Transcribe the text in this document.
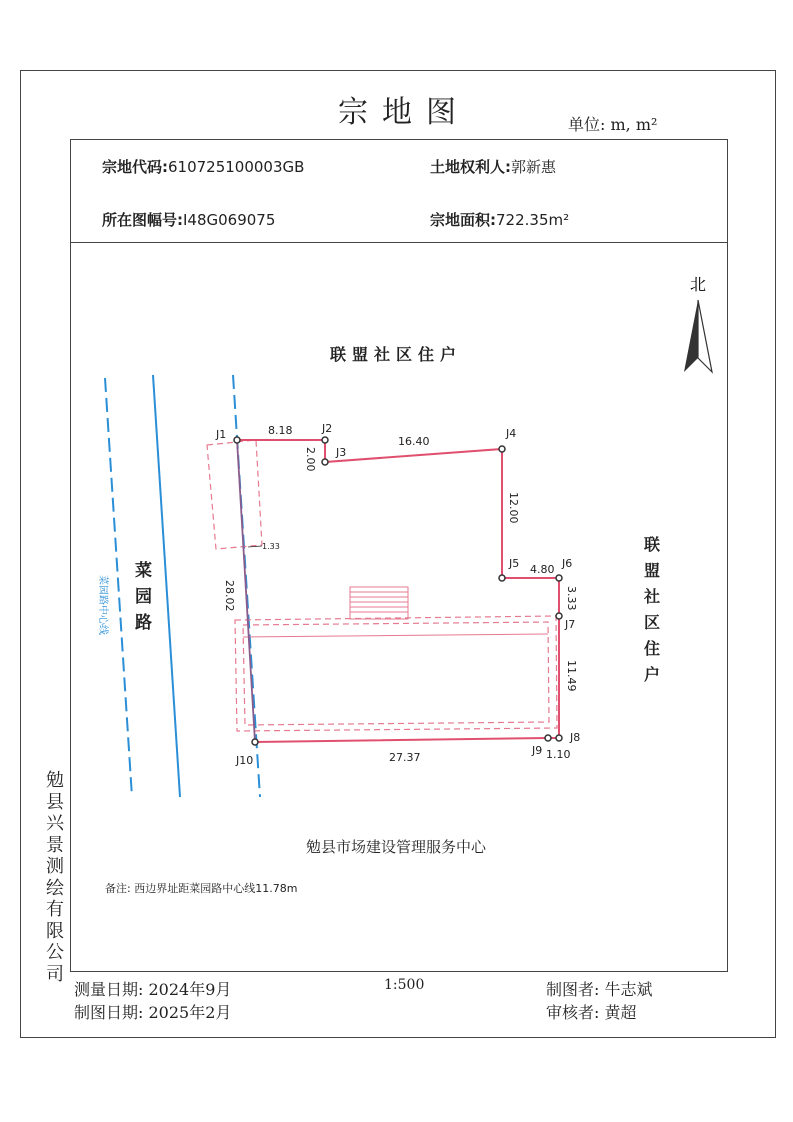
宗地图	单位: m, m²
宗地代码:610725100003GB	土地权利人:郭新惠
所在图幅号:I48G069075	宗地面积:722.35m²
北
J1	J2
J3
J4
J5	J6
J7
J8
J9
J10
8.18
2.00
16.40
12.00
4.80
3.33
11.49
1.10
27.37
28.02
1.33
菜园路中心线
联盟社区住户
联盟社区住户
菜园路
勉县市场建设管理服务中心
备注: 西边界址距菜园路中心线11.78m
勉县兴景测绘有限公司
测量日期: 2024年9月
制图日期: 2025年2月
1:500	制图者: 牛志斌
审核者: 黄超
